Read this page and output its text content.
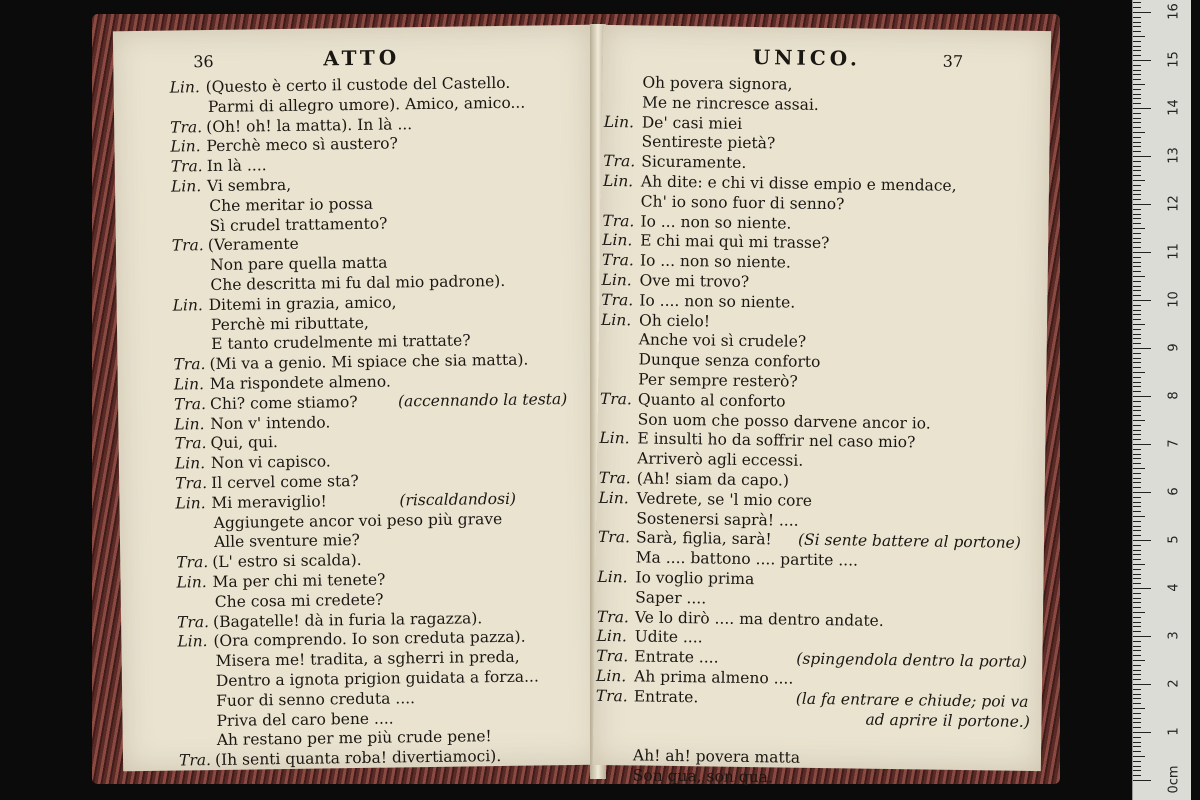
36	ATTO
Lin. (Questo è certo il custode del Castello.
Parmi di allegro umore). Amico, amico...
Tra. (Oh! oh! la matta). In là ...
Lin. Perchè meco sì austero?
Tra. In là ....
Lin. Vi sembra,
Che meritar io possa
Sì crudel trattamento?
Tra. (Veramente
Non pare quella matta
Che descritta mi fu dal mio padrone).
Lin. Ditemi in grazia, amico,
Perchè mi ributtate,
E tanto crudelmente mi trattate?
Tra. (Mi va a genio. Mi spiace che sia matta).
Lin. Ma rispondete almeno.
Tra. Chi? come stiamo?	(accennando la testa)
Lin. Non v' intendo.
Tra. Qui, qui.
Lin. Non vi capisco.
Tra. Il cervel come sta?
Lin. Mi meraviglio!	(riscaldandosi)
Aggiungete ancor voi peso più grave
Alle sventure mie?
Tra. (L' estro si scalda).
Lin. Ma per chi mi tenete?
Che cosa mi credete?
Tra. (Bagatelle! dà in furia la ragazza).
Lin. (Ora comprendo. Io son creduta pazza).
Misera me! tradita, a sgherri in preda,
Dentro a ignota prigion guidata a forza...
Fuor di senno creduta ....
Priva del caro bene ....
Ah restano per me più crude pene!
Tra. (Ih senti quanta roba! divertiamoci).
UNICO.	37
Oh povera signora,
Me ne rincresce assai.
Lin. De' casi miei
Sentireste pietà?
Tra. Sicuramente.
Lin. Ah dite: e chi vi disse empio e mendace,
Ch' io sono fuor di senno?
Tra. Io ... non so niente.
Lin. E chi mai quì mi trasse?
Tra. Io ... non so niente.
Lin. Ove mi trovo?
Tra. Io .... non so niente.
Lin. Oh cielo!
Anche voi sì crudele?
Dunque senza conforto
Per sempre resterò?
Tra. Quanto al conforto
Son uom che posso darvene ancor io.
Lin. E insulti ho da soffrir nel caso mio?
Arriverò agli eccessi.
Tra. (Ah! siam da capo.)
Lin. Vedrete, se 'l mio core
Sostenersi saprà! ....
Tra. Sarà, figlia, sarà! (Si sente battere al portone)
Ma .... battono .... partite ....
Lin. Io voglio prima
Saper ....
Tra. Ve lo dirò .... ma dentro andate.
Lin. Udite ....
Tra. Entrate ....	(spingendola dentro la porta)
Lin. Ah prima almeno ....
Tra. Entrate.	(la fa entrare e chiude; poi va
ad aprire il portone.)
Ah! ah! povera matta
Son qua, son qua.	0cm
1
2
3
4
5
6
7
8
9
10
11
12
13
14
15
16
